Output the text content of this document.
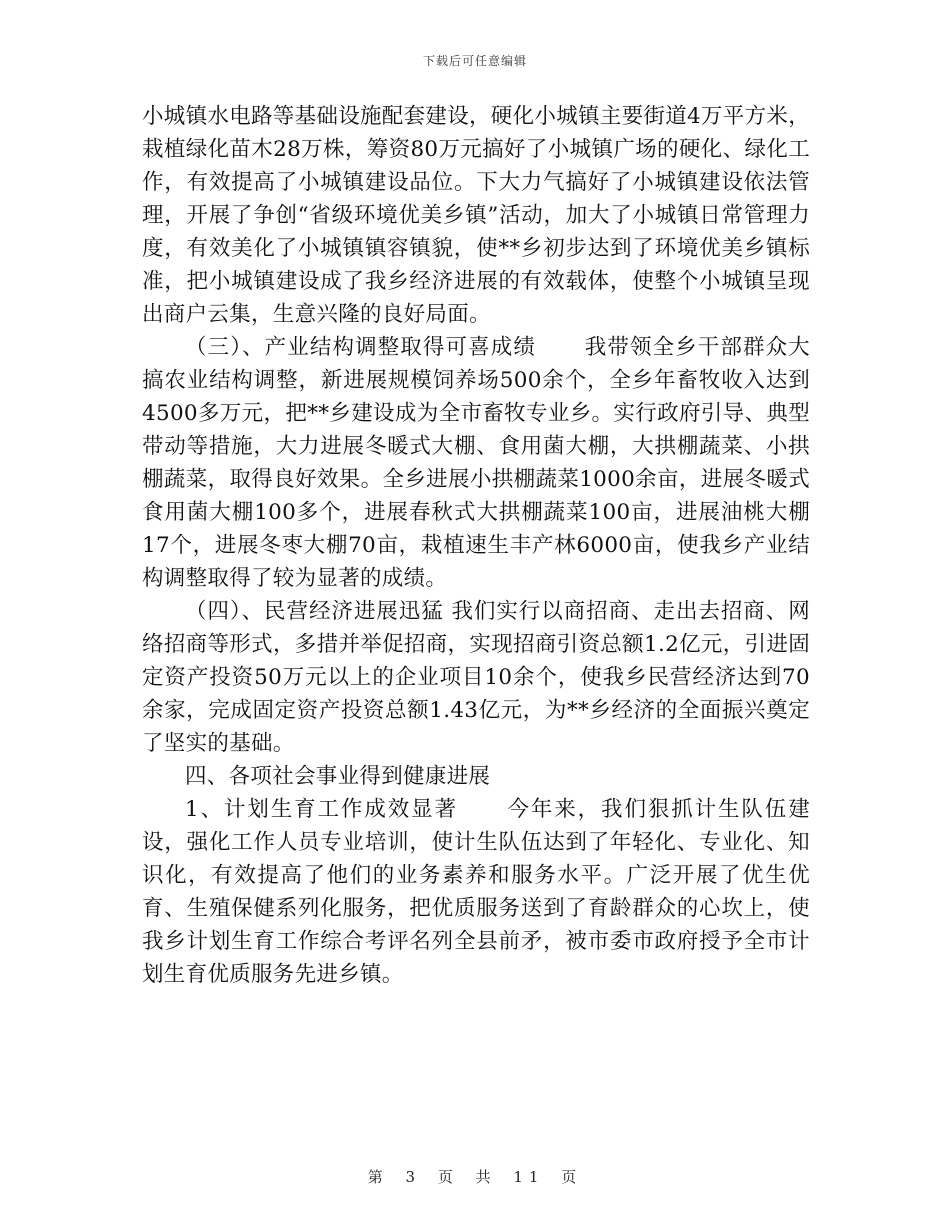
下载后可任意编辑

小城镇水电路等基础设施配套建设，硬化小城镇主要街道4万平方米，栽植绿化苗木28万株，筹资80万元搞好了小城镇广场的硬化、绿化工作，有效提高了小城镇建设品位。下大力气搞好了小城镇建设依法管理，开展了争创“省级环境优美乡镇”活动，加大了小城镇日常管理力度，有效美化了小城镇镇容镇貌，使**乡初步达到了环境优美乡镇标准，把小城镇建设成了我乡经济进展的有效载体，使整个小城镇呈现出商户云集，生意兴隆的良好局面。

（三）、产业结构调整取得可喜成绩 我带领全乡干部群众大搞农业结构调整，新进展规模饲养场500余个，全乡年畜牧收入达到4500多万元，把**乡建设成为全市畜牧专业乡。实行政府引导、典型带动等措施，大力进展冬暖式大棚、食用菌大棚，大拱棚蔬菜、小拱棚蔬菜，取得良好效果。全乡进展小拱棚蔬菜1000余亩，进展冬暖式食用菌大棚100多个，进展春秋式大拱棚蔬菜100亩，进展油桃大棚17个，进展冬枣大棚70亩，栽植速生丰产林6000亩，使我乡产业结构调整取得了较为显著的成绩。

（四）、民营经济进展迅猛 我们实行以商招商、走出去招商、网络招商等形式，多措并举促招商，实现招商引资总额1.2亿元，引进固定资产投资50万元以上的企业项目10余个，使我乡民营经济达到70余家，完成固定资产投资总额1.43亿元，为**乡经济的全面振兴奠定了坚实的基础。

四、各项社会事业得到健康进展

1、计划生育工作成效显著 今年来，我们狠抓计生队伍建设，强化工作人员专业培训，使计生队伍达到了年轻化、专业化、知识化，有效提高了他们的业务素养和服务水平。广泛开展了优生优育、生殖保健系列化服务，把优质服务送到了育龄群众的心坎上，使我乡计划生育工作综合考评名列全县前矛，被市委市政府授予全市计划生育优质服务先进乡镇。

第 3 页 共 11 页
